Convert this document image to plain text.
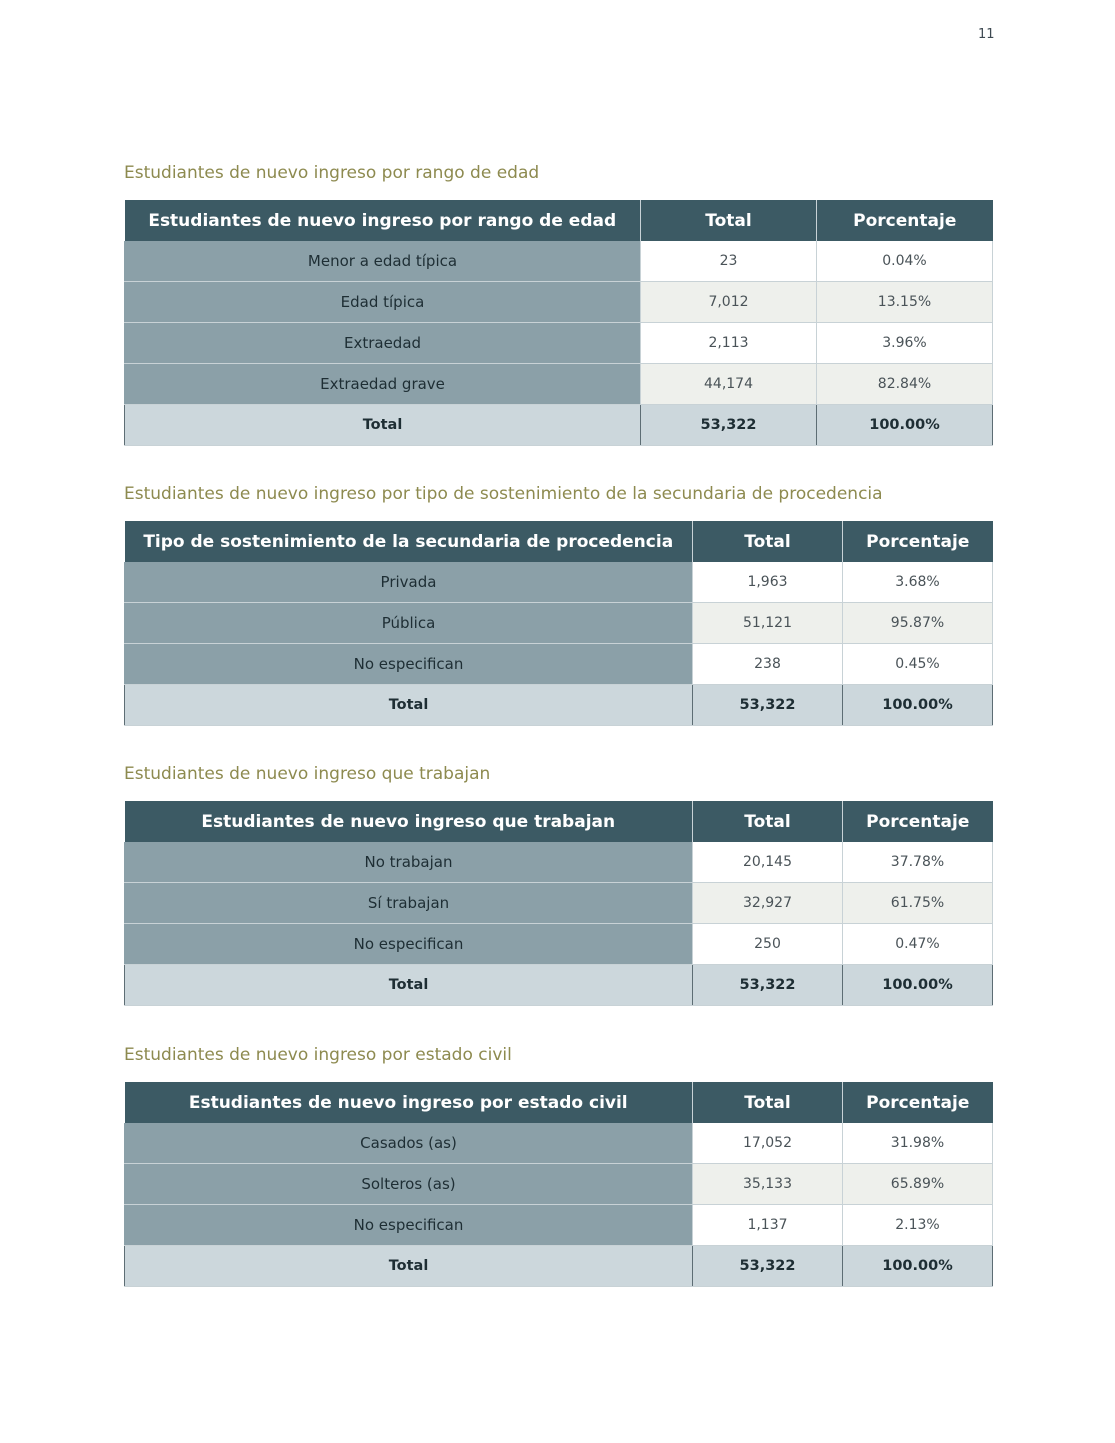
11
Estudiantes de nuevo ingreso por rango de edad
Estudiantes de nuevo ingreso por rango de edad	Total	Porcentaje
Menor a edad típica	23	0.04%
Edad típica	7,012	13.15%
Extraedad	2,113	3.96%
Extraedad grave	44,174	82.84%
Total	53,322	100.00%
Estudiantes de nuevo ingreso por tipo de sostenimiento de la secundaria de procedencia
Tipo de sostenimiento de la secundaria de procedencia	Total	Porcentaje
Privada	1,963	3.68%
Pública	51,121	95.87%
No especifican	238	0.45%
Total	53,322	100.00%
Estudiantes de nuevo ingreso que trabajan
Estudiantes de nuevo ingreso que trabajan	Total	Porcentaje
No trabajan	20,145	37.78%
Sí trabajan	32,927	61.75%
No especifican	250	0.47%
Total	53,322	100.00%
Estudiantes de nuevo ingreso por estado civil
Estudiantes de nuevo ingreso por estado civil	Total	Porcentaje
Casados (as)	17,052	31.98%
Solteros (as)	35,133	65.89%
No especifican	1,137	2.13%
Total	53,322	100.00%
